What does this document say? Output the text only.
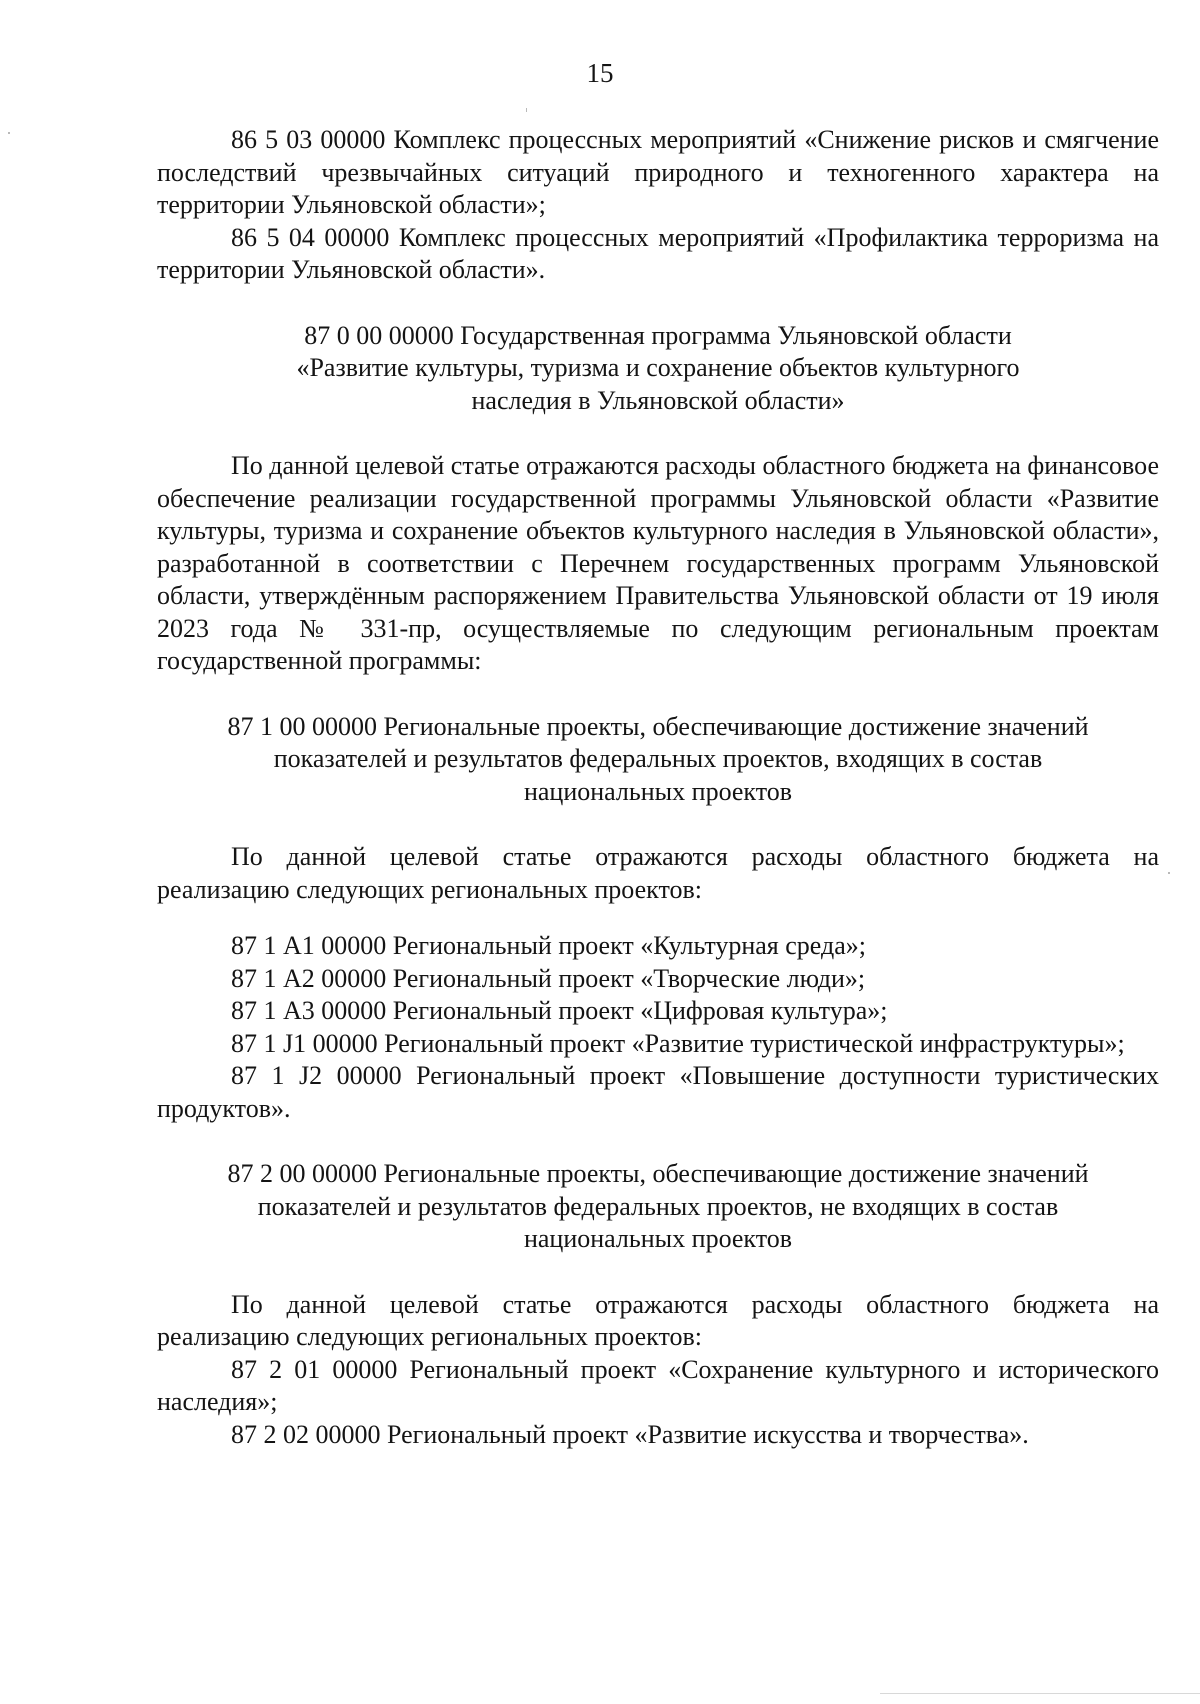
15

86 5 03 00000 Комплекс процессных мероприятий «Снижение рисков и смягчение последствий чрезвычайных ситуаций природного и техногенного характера на территории Ульяновской области»;

86 5 04 00000 Комплекс процессных мероприятий «Профилактика терроризма на территории Ульяновской области».

87 0 00 00000 Государственная программа Ульяновской области
«Развитие культуры, туризма и сохранение объектов культурного
наследия в Ульяновской области»

По данной целевой статье отражаются расходы областного бюджета на финансовое обеспечение реализации государственной программы Ульяновской области «Развитие культуры, туризма и сохранение объектов культурного наследия в Ульяновской области», разработанной в соответствии с Перечнем государственных программ Ульяновской области, утверждённым распоряжением Правительства Ульяновской области от 19 июля 2023 года № 331-пр, осуществляемые по следующим региональным проектам государственной программы:

87 1 00 00000 Региональные проекты, обеспечивающие достижение значений
показателей и результатов федеральных проектов, входящих в состав
национальных проектов

По данной целевой статье отражаются расходы областного бюджета на реализацию следующих региональных проектов:

87 1 А1 00000 Региональный проект «Культурная среда»;

87 1 А2 00000 Региональный проект «Творческие люди»;

87 1 А3 00000 Региональный проект «Цифровая культура»;

87 1 J1 00000 Региональный проект «Развитие туристической инфраструктуры»;

87 1 J2 00000 Региональный проект «Повышение доступности туристических продуктов».

87 2 00 00000 Региональные проекты, обеспечивающие достижение значений
показателей и результатов федеральных проектов, не входящих в состав
национальных проектов

По данной целевой статье отражаются расходы областного бюджета на реализацию следующих региональных проектов:

87 2 01 00000 Региональный проект «Сохранение культурного и исторического наследия»;

87 2 02 00000 Региональный проект «Развитие искусства и творчества».
